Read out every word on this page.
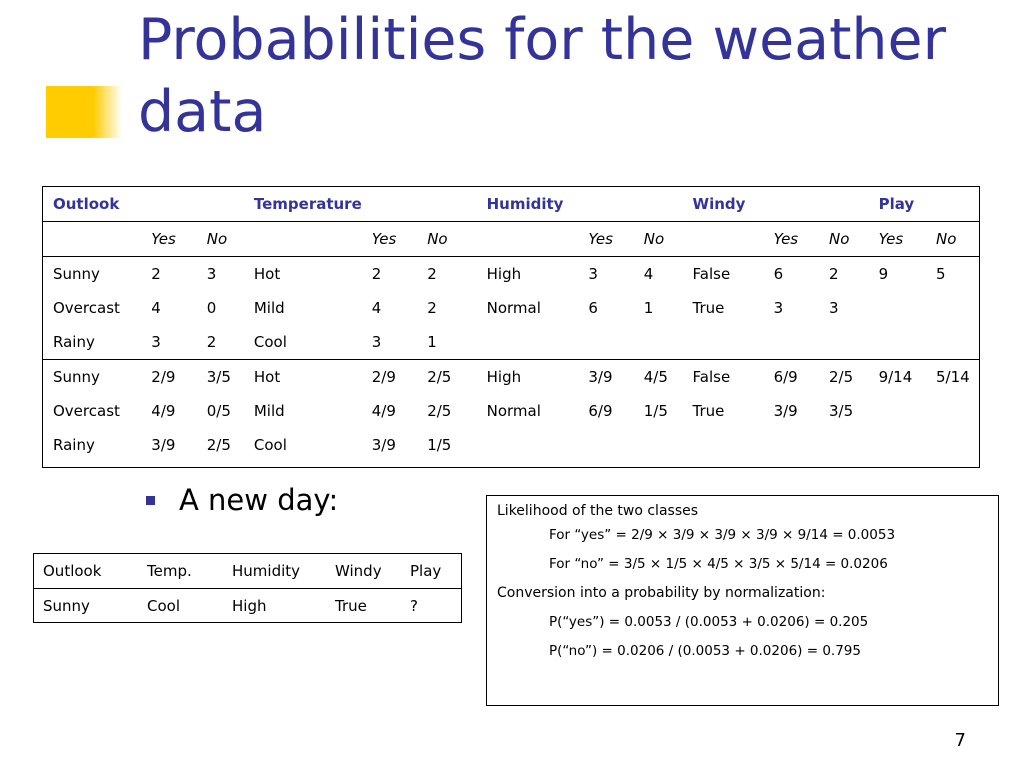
Probabilities for the weather data
Outlook			Temperature			Humidity			Windy			Play	
	Yes	No		Yes	No		Yes	No		Yes	No	Yes	No
Sunny	2	3	Hot	2	2	High	3	4	False	6	2	9	5
Overcast	4	0	Mild	4	2	Normal	6	1	True	3	3		
Rainy	3	2	Cool	3	1								
Sunny	2/9	3/5	Hot	2/9	2/5	High	3/9	4/5	False	6/9	2/5	9/14	5/14
Overcast	4/9	0/5	Mild	4/9	2/5	Normal	6/9	1/5	True	3/9	3/5		
Rainy	3/9	2/5	Cool	3/9	1/5								
A new day:
Outlook	Temp.	Humidity	Windy	Play
Sunny	Cool	High	True	?
Likelihood of the two classes
For “yes” = 2/9 × 3/9 × 3/9 × 3/9 × 9/14 = 0.0053
For “no” = 3/5 × 1/5 × 4/5 × 3/5 × 5/14 = 0.0206
Conversion into a probability by normalization:
P(“yes”) = 0.0053 / (0.0053 + 0.0206) = 0.205
P(“no”) = 0.0206 / (0.0053 + 0.0206) = 0.795
7
